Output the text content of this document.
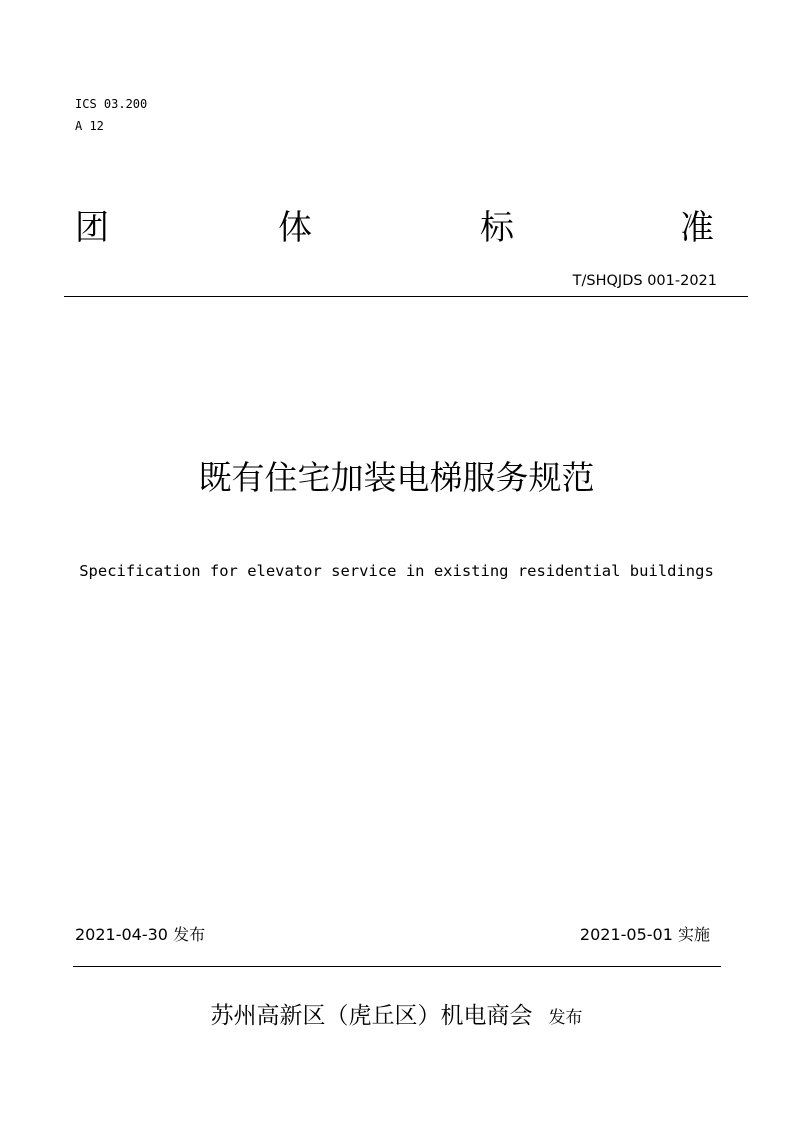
ICS 03.200
A 12
团	体	标	准
T/SHQJDS 001-2021
既有住宅加装电梯服务规范
Specification for elevator service in existing residential buildings
2021-04-30 发布	2021-05-01 实施
苏州高新区（虎丘区）机电商会 发布
